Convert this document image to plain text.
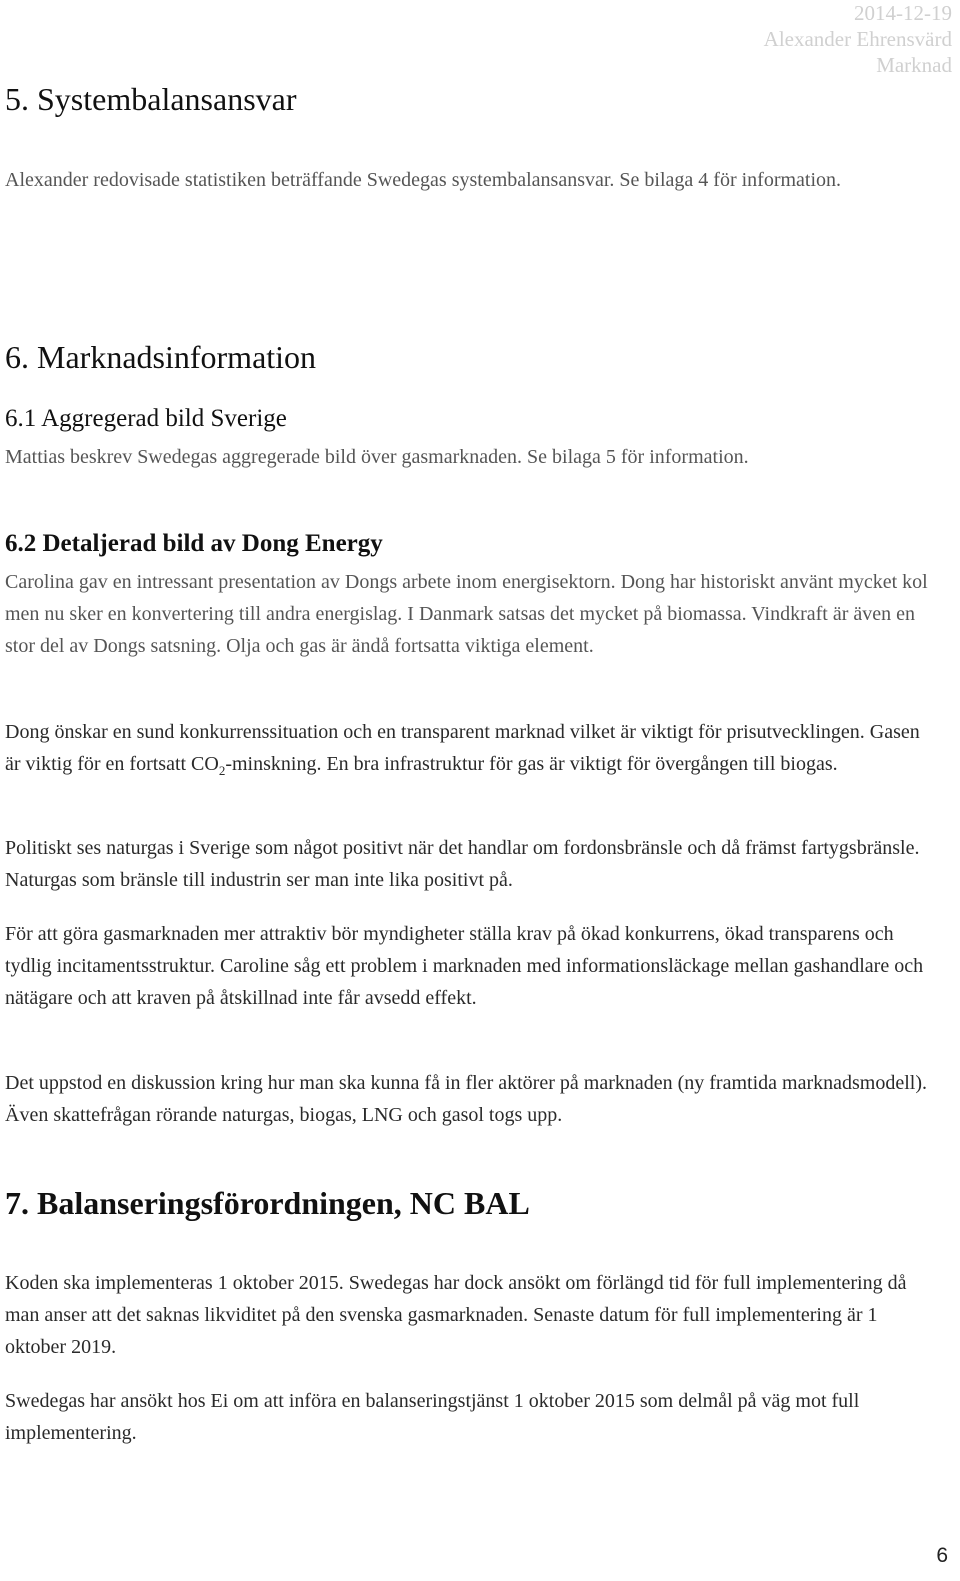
2014-12-19
Alexander Ehrensvärd
Marknad
5. Systembalansansvar

Alexander redovisade statistiken beträffande Swedegas systembalansansvar. Se bilaga 4 för information.

6. Marknadsinformation
6.1 Aggregerad bild Sverige

Mattias beskrev Swedegas aggregerade bild över gasmarknaden. Se bilaga 5 för information.

6.2 Detaljerad bild av Dong Energy

Carolina gav en intressant presentation av Dongs arbete inom energisektorn. Dong har historiskt använt mycket kol men nu sker en konvertering till andra energislag. I Danmark satsas det mycket på biomassa. Vindkraft är även en stor del av Dongs satsning. Olja och gas är ändå fortsatta viktiga element.

Dong önskar en sund konkurrenssituation och en transparent marknad vilket är viktigt för prisutvecklingen. Gasen är viktig för en fortsatt $CO_2$-minskning. En bra infrastruktur för gas är viktigt för övergången till biogas.

Politiskt ses naturgas i Sverige som något positivt när det handlar om fordonsbränsle och då främst fartygsbränsle. Naturgas som bränsle till industrin ser man inte lika positivt på.

För att göra gasmarknaden mer attraktiv bör myndigheter ställa krav på ökad konkurrens, ökad transparens och tydlig incitamentsstruktur. Caroline såg ett problem i marknaden med informationsläckage mellan gashandlare och nätägare och att kraven på åtskillnad inte får avsedd effekt.

Det uppstod en diskussion kring hur man ska kunna få in fler aktörer på marknaden (ny framtida marknadsmodell). Även skattefrågan rörande naturgas, biogas, LNG och gasol togs upp.

7. Balanseringsförordningen, NC BAL

Koden ska implementeras 1 oktober 2015. Swedegas har dock ansökt om förlängd tid för full implementering då man anser att det saknas likviditet på den svenska gasmarknaden. Senaste datum för full implementering är 1 oktober 2019.

Swedegas har ansökt hos Ei om att införa en balanseringstjänst 1 oktober 2015 som delmål på väg mot full implementering.

6
